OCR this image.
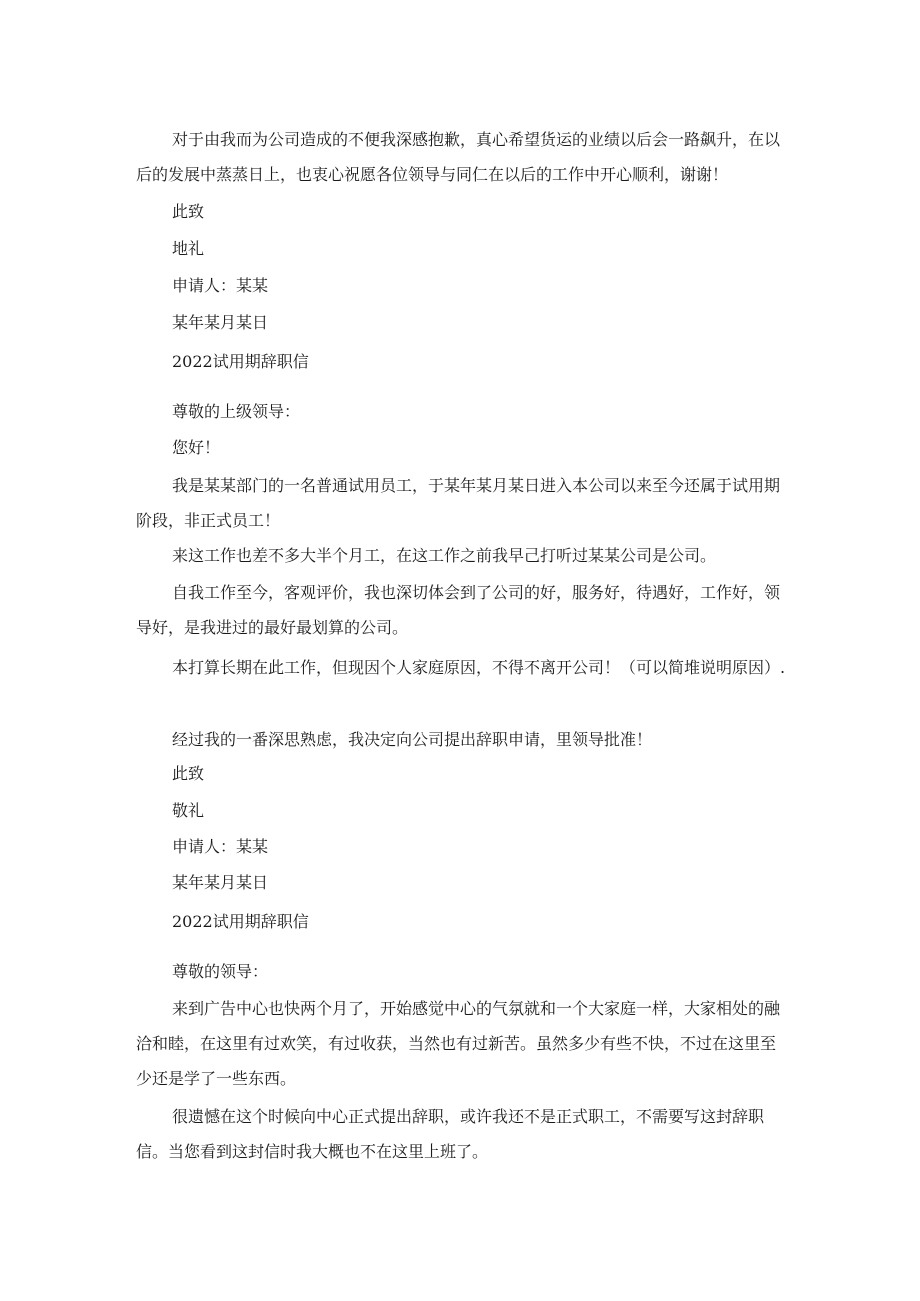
对于由我而为公司造成的不便我深感抱歉，真心希望货运的业绩以后会一路飙升，在以后的发展中蒸蒸日上，也衷心祝愿各位领导与同仁在以后的工作中开心顺利，谢谢！
此致
地礼
申请人：某某
某年某月某日
2022试用期辞职信
尊敬的上级领导：
您好！
我是某某部门的一名普通试用员工，于某年某月某日进入本公司以来至今还属于试用期阶段，非正式员工！
来这工作也差不多大半个月工，在这工作之前我早己打听过某某公司是公司。
自我工作至今，客观评价，我也深切体会到了公司的好，服务好，待遇好，工作好，领导好，是我进过的最好最划算的公司。
本打算长期在此工作，但现因个人家庭原因，不得不离开公司！（可以简堆说明原因）.
经过我的一番深思熟虑，我决定向公司提出辞职申请，里领导批准！
此致
敬礼
申请人：某某
某年某月某日
2022试用期辞职信
尊敬的领导：
来到广告中心也快两个月了，开始感觉中心的气氛就和一个大家庭一样，大家相处的融洽和睦，在这里有过欢笑，有过收获，当然也有过新苦。虽然多少有些不快，不过在这里至少还是学了一些东西。
很遗憾在这个时候向中心正式提出辞职，或许我还不是正式职工，不需要写这封辞职信。当您看到这封信时我大概也不在这里上班了。
